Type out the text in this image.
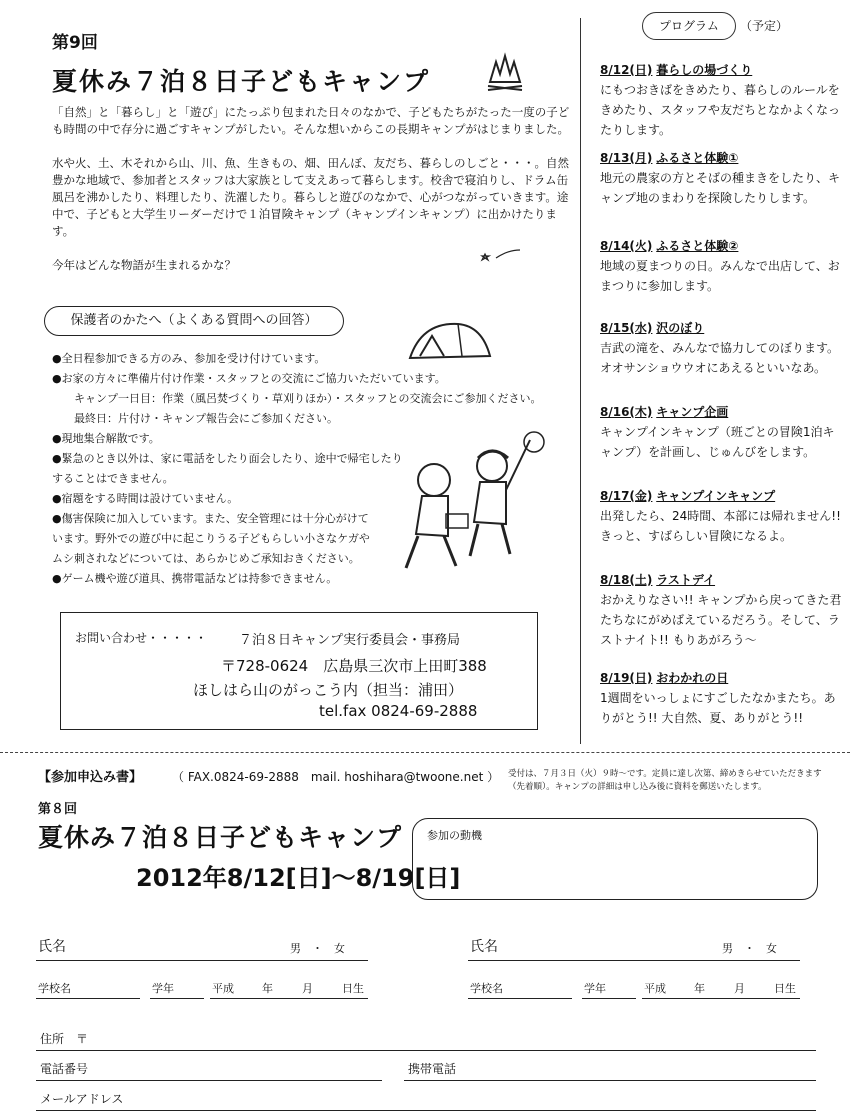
第9回
夏休み７泊８日子どもキャンプ

「自然」と「暮らし」と「遊び」にたっぷり包まれた日々のなかで、子どもたちがたった一度の子ども時間の中で存分に過ごすキャンプがしたい。そんな想いからこの長期キャンプがはじまりました。

水や火、土、木それから山、川、魚、生きもの、畑、田んぼ、友だち、暮らしのしごと・・・。自然豊かな地域で、参加者とスタッフは大家族として支えあって暮らします。校舎で寝泊りし、ドラム缶風呂を沸かしたり、料理したり、洗濯したり。暮らしと遊びのなかで、心がつながっていきます。途中で、子どもと大学生リーダーだけで１泊冒険キャンプ（キャンプインキャンプ）に出かけたります。

今年はどんな物語が生まれるかな？

保護者のかたへ（よくある質問への回答）
●全日程参加できる方のみ、参加を受け付けています。
●お家の方々に準備片付け作業・スタッフとの交流にご協力いただいています。
　　キャンプ一日目：作業（風呂焚づくり・草刈りほか）・スタッフとの交流会にご参加ください。
　　最終日：片付け・キャンプ報告会にご参加ください。
●現地集合解散です。
●緊急のとき以外は、家に電話をしたり面会したり、途中で帰宅したり
することはできません。
●宿題をする時間は設けていません。
●傷害保険に加入しています。また、安全管理には十分心がけて
います。野外での遊び中に起こりうる子どもらしい小さなケガや
ムシ刺されなどについては、あらかじめご承知おきください。
●ゲーム機や遊び道具、携帯電話などは持参できません。
お問い合わせ・・・・・ ７泊８日キャンプ実行委員会・事務局
〒728-0624　広島県三次市上田町388
ほしはら山のがっこう内（担当：浦田）
tel.fax 0824-69-2888
プログラム	（予定）
8/12(日) 暮らしの場づくり
にもつおきばをきめたり、暮らしのルールをきめたり、スタッフや友だちとなかよくなったりします。
8/13(月) ふるさと体験①
地元の農家の方とそばの種まきをしたり、キャンプ地のまわりを探険したりします。
8/14(火) ふるさと体験②
地域の夏まつりの日。みんなで出店して、おまつりに参加します。
8/15(水) 沢のぼり
吉武の滝を、みんなで協力してのぼります。オオサンショウウオにあえるといいなあ。
8/16(木) キャンプ企画
キャンプインキャンプ（班ごとの冒険1泊キャンプ）を計画し、じゅんびをします。
8/17(金) キャンプインキャンプ
出発したら、24時間、本部には帰れません!! きっと、すばらしい冒険になるよ。
8/18(土) ラストデイ
おかえりなさい!! キャンプから戻ってきた君たちなにがめばえているだろう。そして、ラストナイト!! もりあがろう〜
8/19(日) おわかれの日
1週間をいっしょにすごしたなかまたち。ありがとう!! 大自然、夏、ありがとう!!
【参加申込み書】 （ FAX.0824-69-2888　mail. hoshihara@twoone.net ） 受付は、７月３日（火）９時〜です。定員に達し次第、締めきらせていただきます（先着順）。キャンプの詳細は申し込み後に資料を郵送いたします。
第８回
夏休み７泊８日子どもキャンプ
2012年8/12[日]〜8/19[日]
参加の動機
氏名	男　・　女
学校名	学年	平成	年	月	日生
氏名	男　・　女
学校名	学年	平成	年	月	日生
住所　〒
電話番号	携帯電話
メールアドレス
